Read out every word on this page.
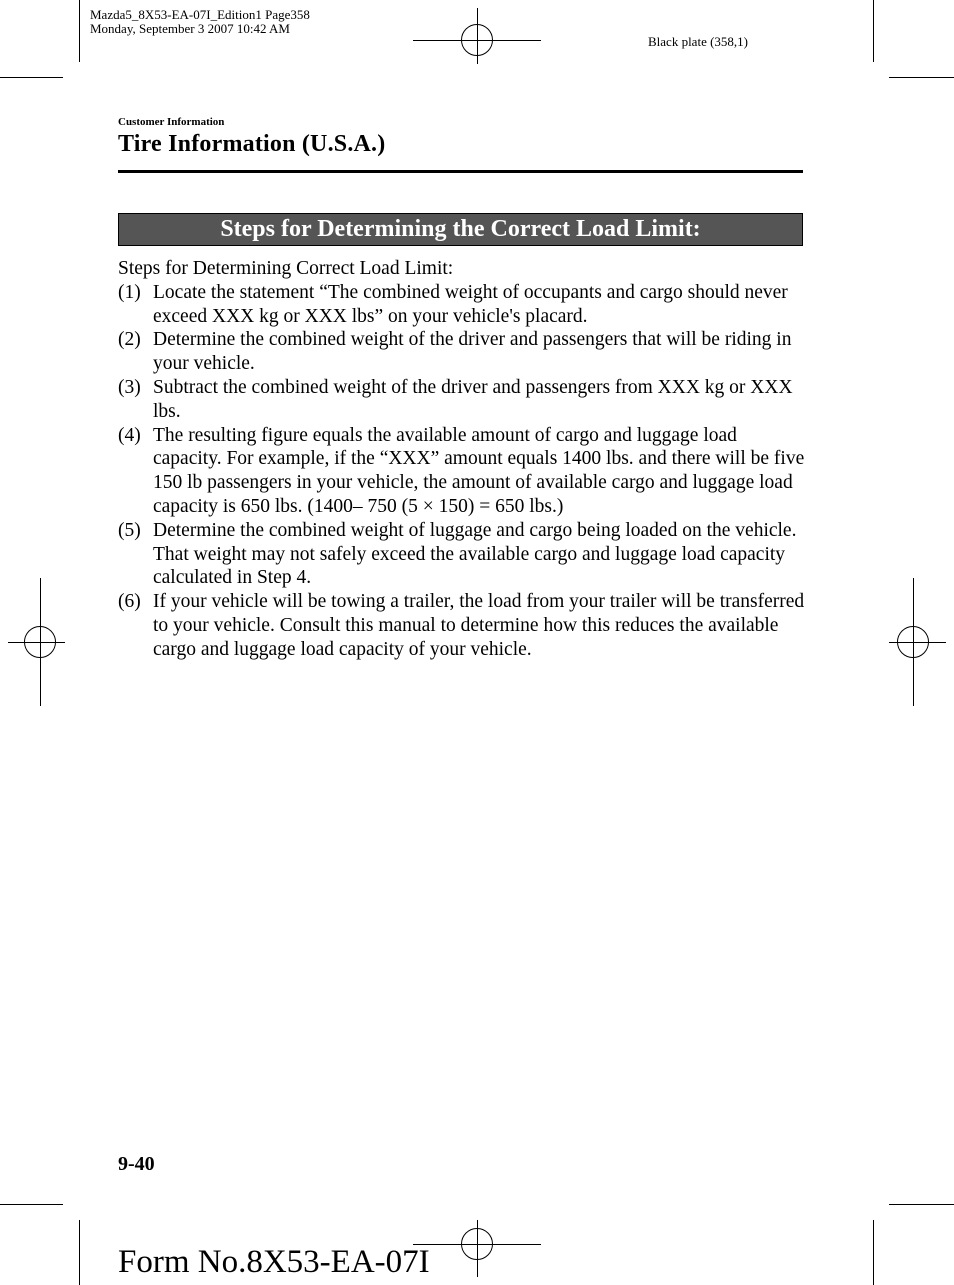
Mazda5_8X53-EA-07I_Edition1 Page358
Monday, September 3 2007 10:42 AM
Black plate (358,1)
Customer Information
Tire Information (U.S.A.)
Steps for Determining the Correct Load Limit:
Steps for Determining Correct Load Limit:
(1) Locate the statement “The combined weight of occupants and cargo should never exceed XXX kg or XXX lbs” on your vehicle's placard.
(2) Determine the combined weight of the driver and passengers that will be riding in your vehicle.
(3) Subtract the combined weight of the driver and passengers from XXX kg or XXX lbs.
(4) The resulting figure equals the available amount of cargo and luggage load capacity. For example, if the “XXX” amount equals 1400 lbs. and there will be five 150 lb passengers in your vehicle, the amount of available cargo and luggage load capacity is 650 lbs. (1400– 750 (5 × 150) = 650 lbs.)
(5) Determine the combined weight of luggage and cargo being loaded on the vehicle. That weight may not safely exceed the available cargo and luggage load capacity calculated in Step 4.
(6) If your vehicle will be towing a trailer, the load from your trailer will be transferred to your vehicle. Consult this manual to determine how this reduces the available cargo and luggage load capacity of your vehicle.
9-40
Form No.8X53-EA-07I
